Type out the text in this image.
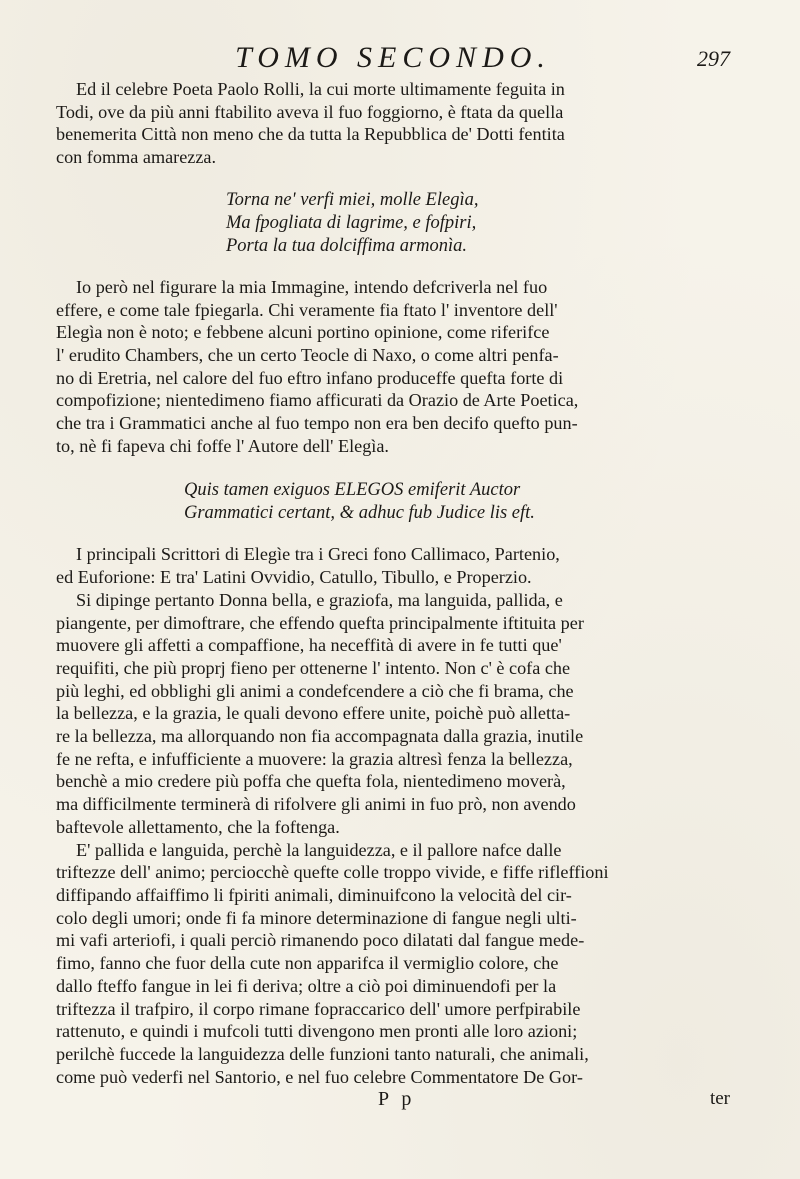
TOMO SECONDO.	297

Ed il celebre Poeta Paolo Rolli, la cui morte ultimamente feguita in
Todi, ove da più anni ftabilito aveva il fuo foggiorno, è ftata da quella
benemerita Città non meno che da tutta la Repubblica de' Dotti fentita
con fomma amarezza.

Torna ne' verfi miei, molle Elegìa,
Ma fpogliata di lagrime, e fofpiri,
Porta la tua dolciffima armonìa.

Io però nel figurare la mia Immagine, intendo defcriverla nel fuo
effere, e come tale fpiegarla. Chi veramente fia ftato l' inventore dell'
Elegìa non è noto; e febbene alcuni portino opinione, come riferifce
l' erudito Chambers, che un certo Teocle di Naxo, o come altri penfa-
no di Eretria, nel calore del fuo eftro infano produceffe quefta forte di
compofizione; nientedimeno fiamo afficurati da Orazio de Arte Poetica,
che tra i Grammatici anche al fuo tempo non era ben decifo quefto pun-
to, nè fi fapeva chi foffe l' Autore dell' Elegìa.

Quis tamen exiguos ELEGOS emiferit Auctor
Grammatici certant, & adhuc fub Judice lis eft.

I principali Scrittori di Elegìe tra i Greci fono Callimaco, Partenio,
ed Euforione: E tra' Latini Ovvidio, Catullo, Tibullo, e Properzio.

Si dipinge pertanto Donna bella, e graziofa, ma languida, pallida, e
piangente, per dimoftrare, che effendo quefta principalmente iftituita per
muovere gli affetti a compaffione, ha neceffità di avere in fe tutti que'
requifiti, che più proprj fieno per ottenerne l' intento. Non c' è cofa che
più leghi, ed obblighi gli animi a condefcendere a ciò che fi brama, che
la bellezza, e la grazia, le quali devono effere unite, poichè può alletta-
re la bellezza, ma allorquando non fia accompagnata dalla grazia, inutile
fe ne refta, e infufficiente a muovere: la grazia altresì fenza la bellezza,
benchè a mio credere più poffa che quefta fola, nientedimeno moverà,
ma difficilmente terminerà di rifolvere gli animi in fuo prò, non avendo
baftevole allettamento, che la foftenga.

E' pallida e languida, perchè la languidezza, e il pallore nafce dalle
triftezze dell' animo; perciocchè quefte colle troppo vivide, e fiffe rifleffioni
diffipando affaiffimo li fpiriti animali, diminuifcono la velocità del cir-
colo degli umori; onde fi fa minore determinazione di fangue negli ulti-
mi vafi arteriofi, i quali perciò rimanendo poco dilatati dal fangue mede-
fimo, fanno che fuor della cute non apparifca il vermiglio colore, che
dallo fteffo fangue in lei fi deriva; oltre a ciò poi diminuendofi per la
triftezza il trafpiro, il corpo rimane fopraccarico dell' umore perfpirabile
rattenuto, e quindi i mufcoli tutti divengono men pronti alle loro azioni;
perilchè fuccede la languidezza delle funzioni tanto naturali, che animali,
come può vederfi nel Santorio, e nel fuo celebre Commentatore De Gor-

P p	ter
